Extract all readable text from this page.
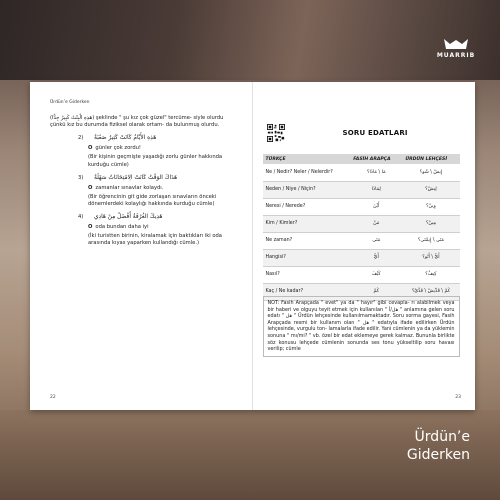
MUARRIB
Ürdün’e Giderken

(هَذِهِ الْبِنْتُ كَبِيرٌ جِدًّا) şeklinde " şu kız çok güzel" tercüme- siyle olurdu çünkü kız bu durumda fiziksel olarak ortam- da bulunmuş olurdu.

2)	هَذِهِ الأَيَّامُ كَانَتْ كَثِيرٌ صَعْبَةٌ
O günler çok zordu!
(Bir kişinin geçmişte yaşadığı zorlu günler hakkında kurduğu cümle)
3)	هَدَاكَ الوَقْتُ كَانَتْ الِامْتِحَانَاتُ سَهْلَةٌ
O zamanlar sınavlar kolaydı.
(Bir öğrencinin git gide zorlaşan sınavların önceki dönemlerdeki kolaylığı hakkında kurduğu cümle)
4)	هَدِيكَ الغُرْفَةُ أَفْضَلُ مِنْ هَادِي
O oda bundan daha iyi
(İki turistten birinin, kiralamak için baktıkları iki oda arasında kıyas yaparken kullandığı cümle.)
22
SORU EDATLARI
TÜRKÇE	FASİH ARAPÇA	ÜRDÜN LEHÇESİ
Ne / Nedir? Neler / Nelerdir?	مَا \ مَاذَا؟	إِيشْ \ شُو؟
Neden / Niye / Niçin?	لِمَاذَا	لِيشْ؟
Neresi / Nerede?	أَيْنَ	وِينْ؟
Kim / Kimler?	مَنْ	مِينْ؟
Ne zaman?	مَتَى	مَتَى \ إِيمْتَى؟
Hangisi?	أَيُّ	أَيُّ \ أَنُو؟
Nasıl?	كَيْفَ	كِيفْ؟
Kaç / Ne kadar?	كَمْ	كَمْ \ قَدِّيشْ \ قَدَّيْ؟
NOT: Fasih Arapçada " evet" ya da " hayır" gibi cevapla- rı alabilmek veya bir haberi ve olguyu teyit etmek için kullanılan " هل/أ " anlamına gelen soru edatı " هل " Ürdün lehçesinde kullanılmamaktadır. Soru sorma gayesi, Fasih Arapçada resmi bir kullanım olan " هل " edatıyla ifade edilirken Ürdün lehçesinde, vurgulu ton- lamalarla ifade edilir. Yani cümlenin ya da yüklemin sonuna " mı/mi? " vb. özel bir edat eklemeye gerek kalmaz. Bununla birlikte söz konusu lehçede cümlenin sonunda ses tonu yükseltilip soru havası verilip; cümle
23
Ürdün’e
Giderken
